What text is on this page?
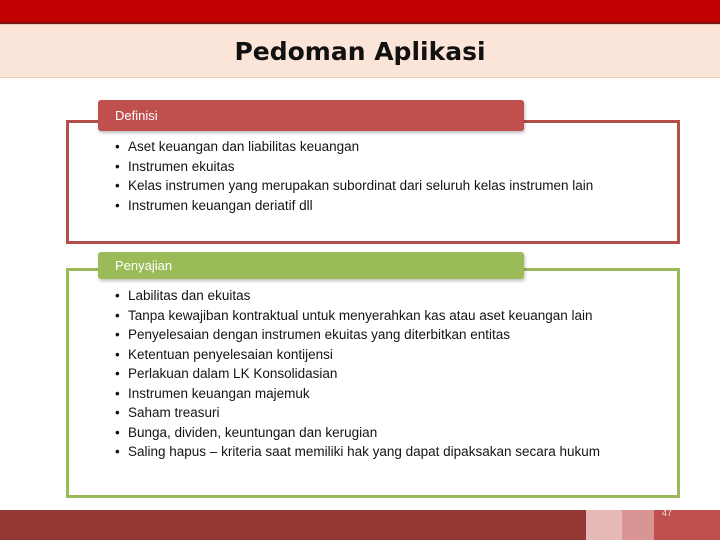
Pedoman Aplikasi
Definisi
• Aset keuangan dan liabilitas keuangan
• Instrumen ekuitas
• Kelas instrumen yang merupakan subordinat dari seluruh kelas instrumen lain
• Instrumen keuangan deriatif dll
Penyajian
• Labilitas dan ekuitas
• Tanpa kewajiban kontraktual untuk menyerahkan kas atau aset keuangan lain
• Penyelesaian dengan instrumen ekuitas yang diterbitkan entitas
• Ketentuan penyelesaian kontijensi
• Perlakuan dalam LK Konsolidasian
• Instrumen keuangan majemuk
• Saham treasuri
• Bunga, dividen, keuntungan dan kerugian
• Saling hapus – kriteria saat memiliki hak yang dapat dipaksakan secara hukum
47
